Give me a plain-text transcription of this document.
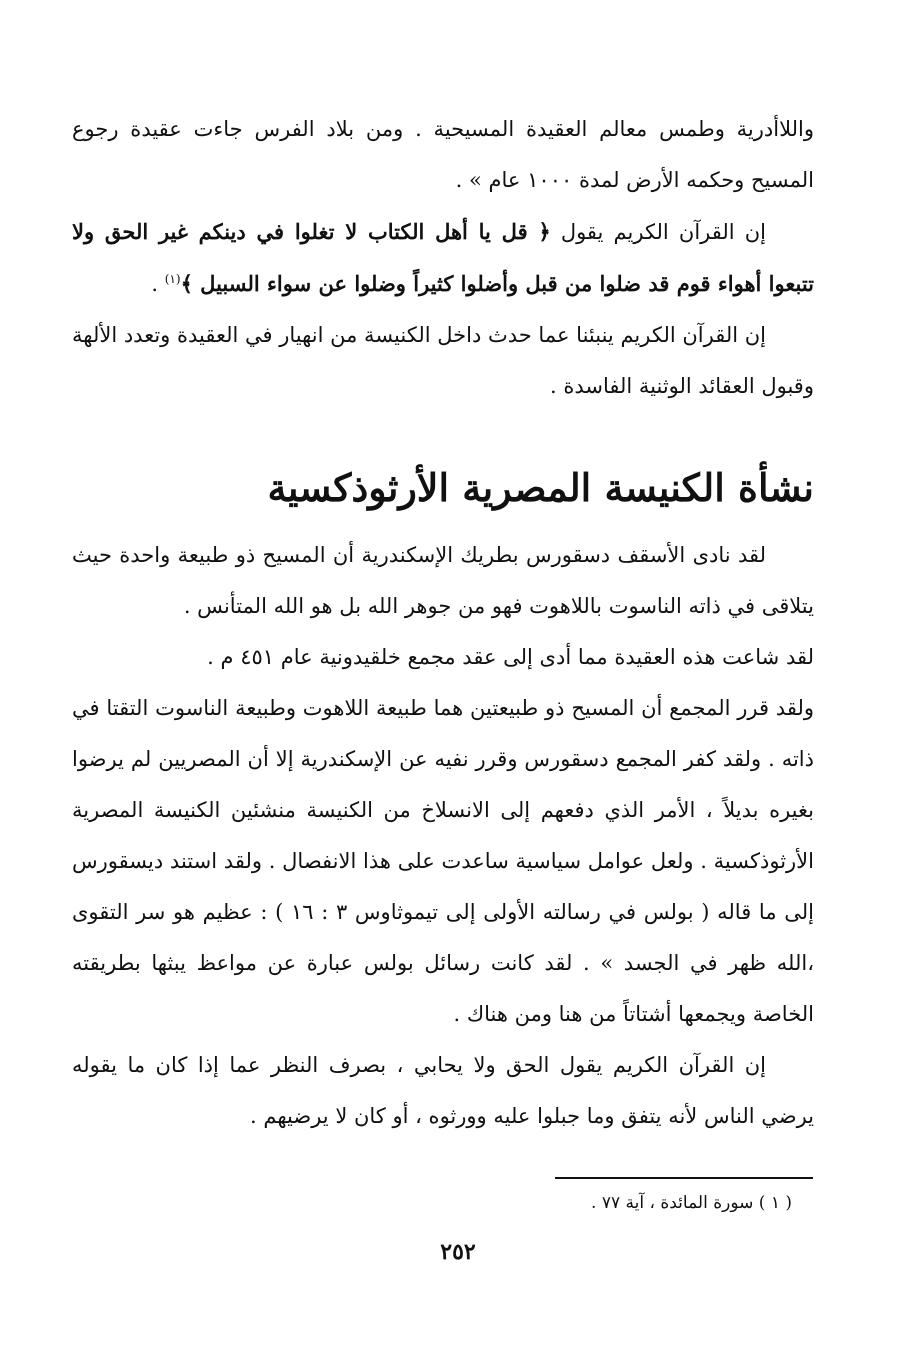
واللاأدرية وطمس معالم العقيدة المسيحية . ومن بلاد الفرس جاءت عقيدة رجوع المسيح وحكمه الأرض لمدة ١٠٠٠ عام » .

إن القرآن الكريم يقول ﴿ قل يا أهل الكتاب لا تغلوا في دينكم غير الحق ولا تتبعوا أهواء قوم قد ضلوا من قبل وأضلوا كثيراً وضلوا عن سواء السبيل ﴾$^{(١)}$ .

إن القرآن الكريم ينبئنا عما حدث داخل الكنيسة من انهيار في العقيدة وتعدد الألهة وقبول العقائد الوثنية الفاسدة .

نشأة الكنيسة المصرية الأرثوذكسية

لقد نادى الأسقف دسقورس بطريك الإسكندرية أن المسيح ذو طبيعة واحدة حيث يتلاقى في ذاته الناسوت باللاهوت فهو من جوهر الله بل هو الله المتأنس .

لقد شاعت هذه العقيدة مما أدى إلى عقد مجمع خلقيدونية عام ٤٥١ م .

ولقد قرر المجمع أن المسيح ذو طبيعتين هما طبيعة اللاهوت وطبيعة الناسوت التقتا في ذاته . ولقد كفر المجمع دسقورس وقرر نفيه عن الإسكندرية إلا أن المصريين لم يرضوا بغيره بديلاً ، الأمر الذي دفعهم إلى الانسلاخ من الكنيسة منشئين الكنيسة المصرية الأرثوذكسية . ولعل عوامل سياسية ساعدت على هذا الانفصال . ولقد استند ديسقورس إلى ما قاله ( بولس في رسالته الأولى إلى تيموثاوس ٣ : ١٦ ) : عظيم هو سر التقوى ،الله ظهر في الجسد » . لقد كانت رسائل بولس عبارة عن مواعظ يبثها بطريقته الخاصة ويجمعها أشتاتاً من هنا ومن هناك .

إن القرآن الكريم يقول الحق ولا يحابي ، بصرف النظر عما إذا كان ما يقوله يرضي الناس لأنه يتفق وما جبلوا عليه وورثوه ، أو كان لا يرضيهم .

( ١ ) سورة المائدة ، آية ٧٧ .
٢٥٢
